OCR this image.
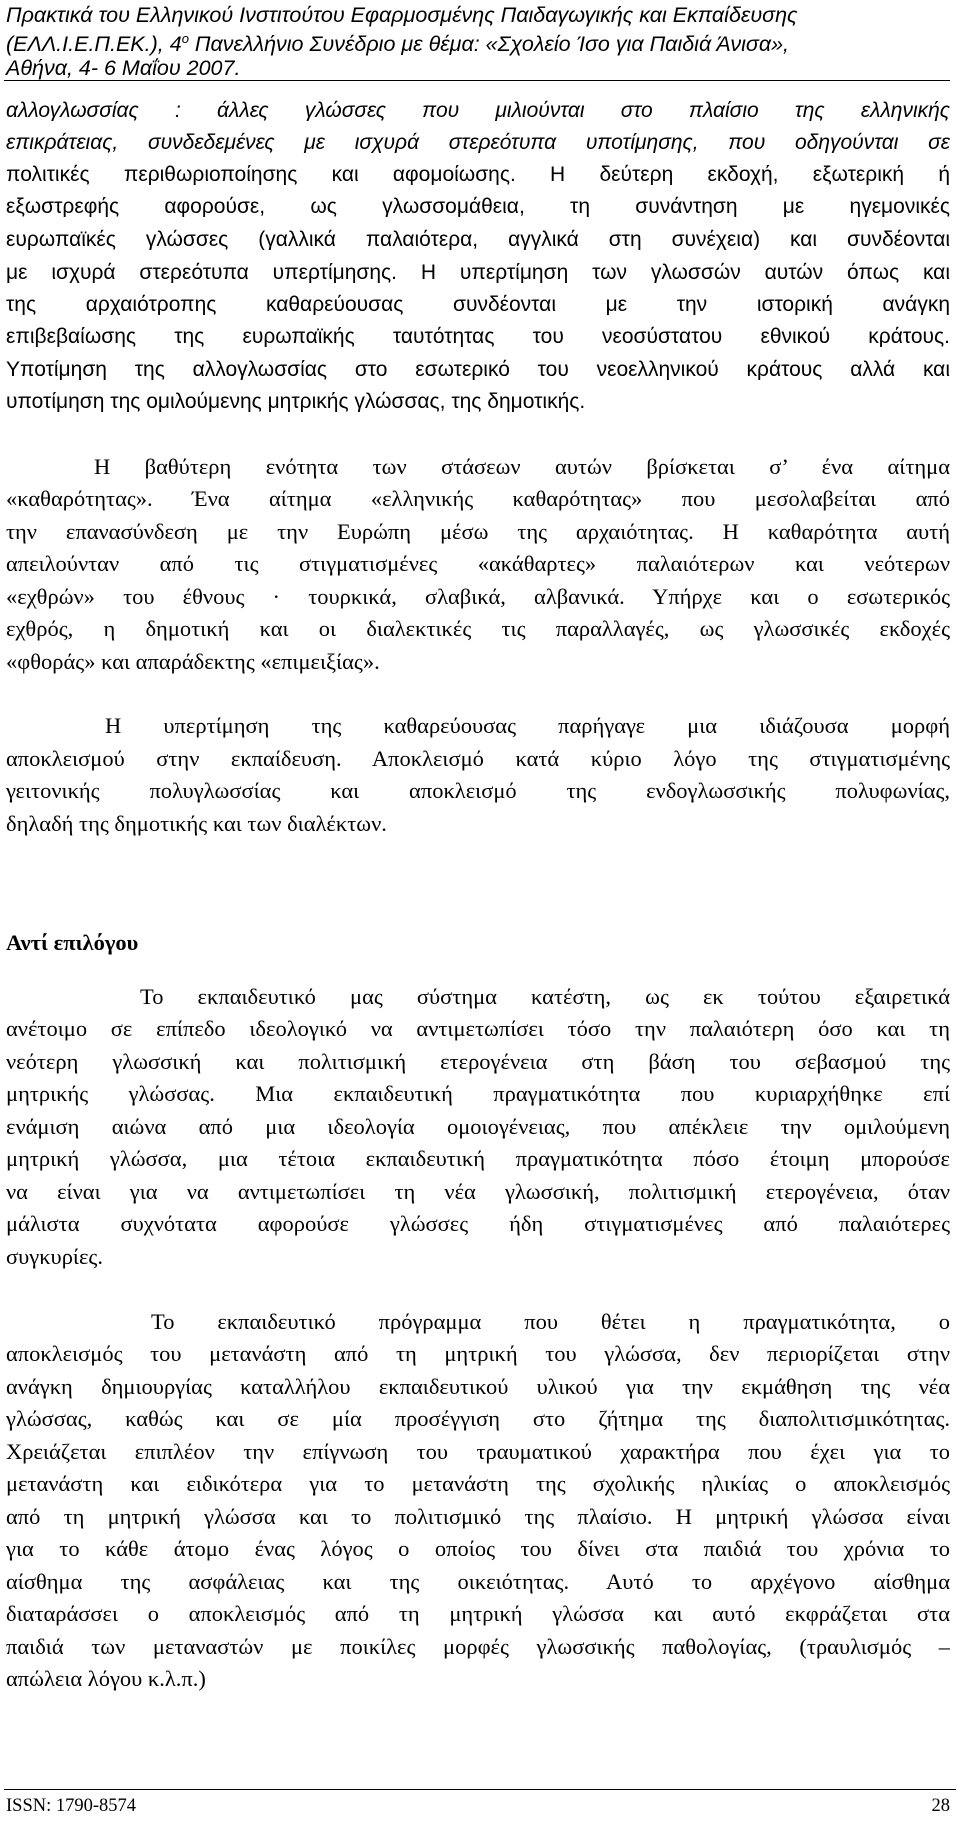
Πρακτικά του Ελληνικού Ινστιτούτου Εφαρμοσμένης Παιδαγωγικής και Εκπαίδευσης
(ΕΛΛ.Ι.Ε.Π.ΕΚ.), $4^o$ Πανελλήνιο Συνέδριο με θέμα: «Σχολείο Ίσο για Παιδιά Άνισα»,
Αθήνα, 4- 6 Μαΐου 2007.
αλλογλωσσίας : άλλες γλώσσες που μιλιούνται στο πλαίσιο της ελληνικής
επικράτειας, συνδεδεμένες με ισχυρά στερεότυπα υποτίμησης, που οδηγούνται σε
πολιτικές περιθωριοποίησης και αφομοίωσης. Η δεύτερη εκδοχή, εξωτερική ή
εξωστρεφής αφορούσε, ως γλωσσομάθεια, τη συνάντηση με ηγεμονικές
ευρωπαϊκές γλώσσες (γαλλικά παλαιότερα, αγγλικά στη συνέχεια) και συνδέονται
με ισχυρά στερεότυπα υπερτίμησης. Η υπερτίμηση των γλωσσών αυτών όπως και
της αρχαιότροπης καθαρεύουσας συνδέονται με την ιστορική ανάγκη
επιβεβαίωσης της ευρωπαϊκής ταυτότητας του νεοσύστατου εθνικού κράτους.
Υποτίμηση της αλλογλωσσίας στο εσωτερικό του νεοελληνικού κράτους αλλά και
υποτίμηση της ομιλούμενης μητρικής γλώσσας, της δημοτικής.
Η βαθύτερη ενότητα των στάσεων αυτών βρίσκεται σ’ ένα αίτημα
«καθαρότητας». Ένα αίτημα «ελληνικής καθαρότητας» που μεσολαβείται από
την επανασύνδεση με την Ευρώπη μέσω της αρχαιότητας. Η καθαρότητα αυτή
απειλούνταν από τις στιγματισμένες «ακάθαρτες» παλαιότερων και νεότερων
«εχθρών» του έθνους · τουρκικά, σλαβικά, αλβανικά. Υπήρχε και ο εσωτερικός
εχθρός, η δημοτική και οι διαλεκτικές τις παραλλαγές, ως γλωσσικές εκδοχές
«φθοράς» και απαράδεκτης «επιμειξίας».
Η υπερτίμηση της καθαρεύουσας παρήγαγε μια ιδιάζουσα μορφή
αποκλεισμού στην εκπαίδευση. Αποκλεισμό κατά κύριο λόγο της στιγματισμένης
γειτονικής πολυγλωσσίας και αποκλεισμό της ενδογλωσσικής πολυφωνίας,
δηλαδή της δημοτικής και των διαλέκτων.
Αντί επιλόγου
Το εκπαιδευτικό μας σύστημα κατέστη, ως εκ τούτου εξαιρετικά
ανέτοιμο σε επίπεδο ιδεολογικό να αντιμετωπίσει τόσο την παλαιότερη όσο και τη
νεότερη γλωσσική και πολιτισμική ετερογένεια στη βάση του σεβασμού της
μητρικής γλώσσας. Μια εκπαιδευτική πραγματικότητα που κυριαρχήθηκε επί
ενάμιση αιώνα από μια ιδεολογία ομοιογένειας, που απέκλειε την ομιλούμενη
μητρική γλώσσα, μια τέτοια εκπαιδευτική πραγματικότητα πόσο έτοιμη μπορούσε
να είναι για να αντιμετωπίσει τη νέα γλωσσική, πολιτισμική ετερογένεια, όταν
μάλιστα συχνότατα αφορούσε γλώσσες ήδη στιγματισμένες από παλαιότερες
συγκυρίες.
Το εκπαιδευτικό πρόγραμμα που θέτει η πραγματικότητα, ο
αποκλεισμός του μετανάστη από τη μητρική του γλώσσα, δεν περιορίζεται στην
ανάγκη δημιουργίας καταλλήλου εκπαιδευτικού υλικού για την εκμάθηση της νέα
γλώσσας, καθώς και σε μία προσέγγιση στο ζήτημα της διαπολιτισμικότητας.
Χρειάζεται επιπλέον την επίγνωση του τραυματικού χαρακτήρα που έχει για το
μετανάστη και ειδικότερα για το μετανάστη της σχολικής ηλικίας ο αποκλεισμός
από τη μητρική γλώσσα και το πολιτισμικό της πλαίσιο. Η μητρική γλώσσα είναι
για το κάθε άτομο ένας λόγος ο οποίος του δίνει στα παιδιά του χρόνια το
αίσθημα της ασφάλειας και της οικειότητας. Αυτό το αρχέγονο αίσθημα
διαταράσσει ο αποκλεισμός από τη μητρική γλώσσα και αυτό εκφράζεται στα
παιδιά των μεταναστών με ποικίλες μορφές γλωσσικής παθολογίας, (τραυλισμός –
απώλεια λόγου κ.λ.π.)
ISSN: 1790-8574	28
